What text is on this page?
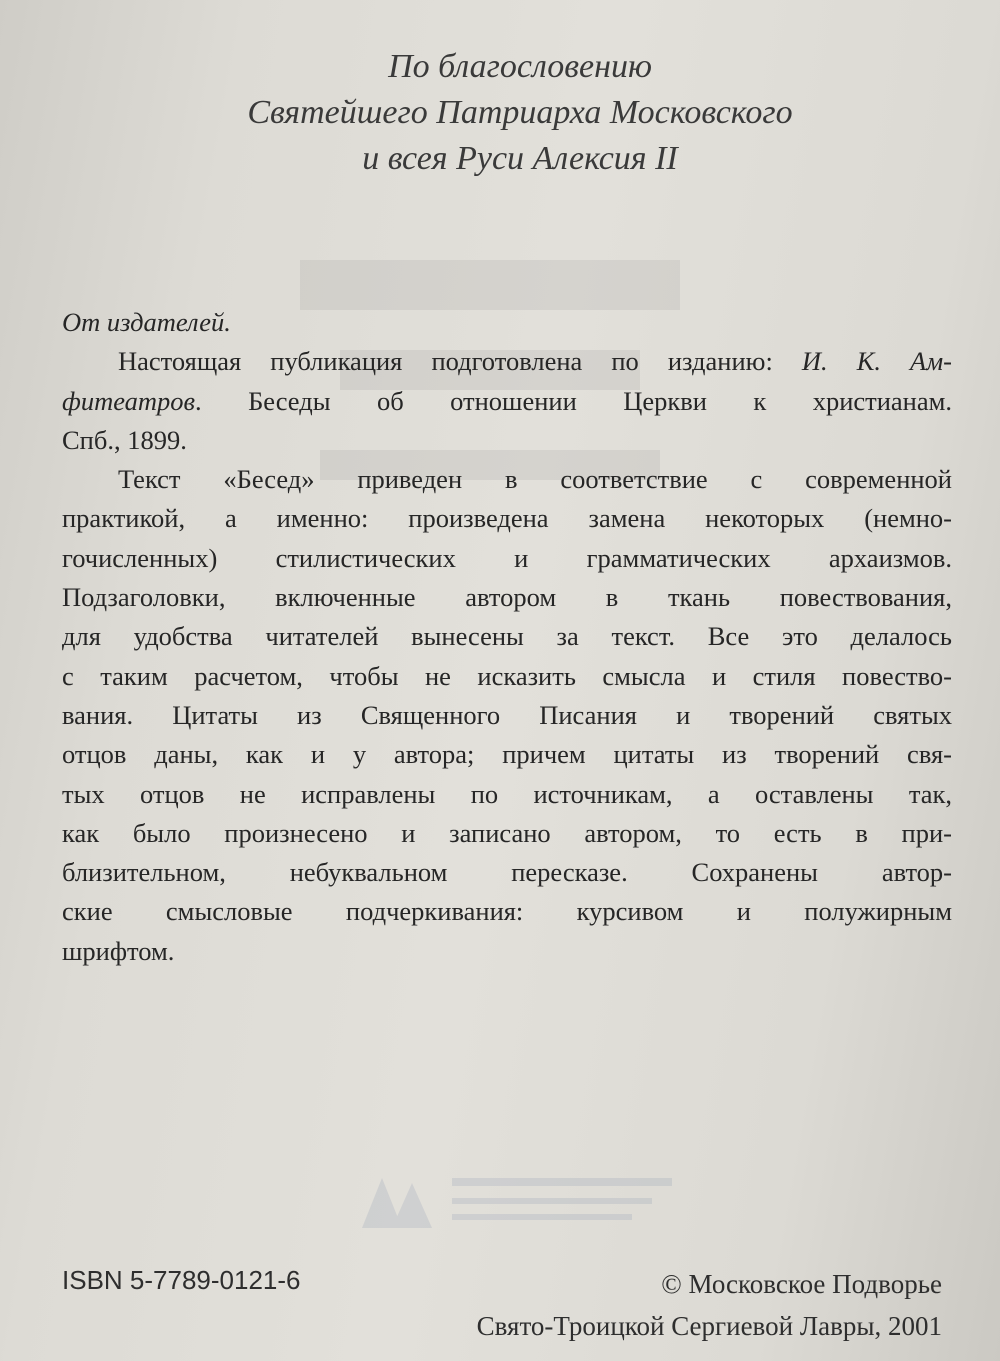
По благословению
Святейшего Патриарха Московского
и всея Руси Алексия II
От издателей.
Настоящая публикация подготовлена по изданию: И. К. Ам-
фитеатров. Беседы об отношении Церкви к христианам.
Спб., 1899.
Текст «Бесед» приведен в соответствие с современной
практикой, а именно: произведена замена некоторых (немно-
гочисленных) стилистических и грамматических архаизмов.
Подзаголовки, включенные автором в ткань повествования,
для удобства читателей вынесены за текст. Все это делалось
с таким расчетом, чтобы не исказить смысла и стиля повество-
вания. Цитаты из Священного Писания и творений святых
отцов даны, как и у автора; причем цитаты из творений свя-
тых отцов не исправлены по источникам, а оставлены так,
как было произнесено и записано автором, то есть в при-
близительном, небуквальном пересказе. Сохранены автор-
ские смысловые подчеркивания: курсивом и полужирным
шрифтом.
ISBN 5-7789-0121-6	© Московское Подворье
Свято-Троицкой Сергиевой Лавры, 2001
